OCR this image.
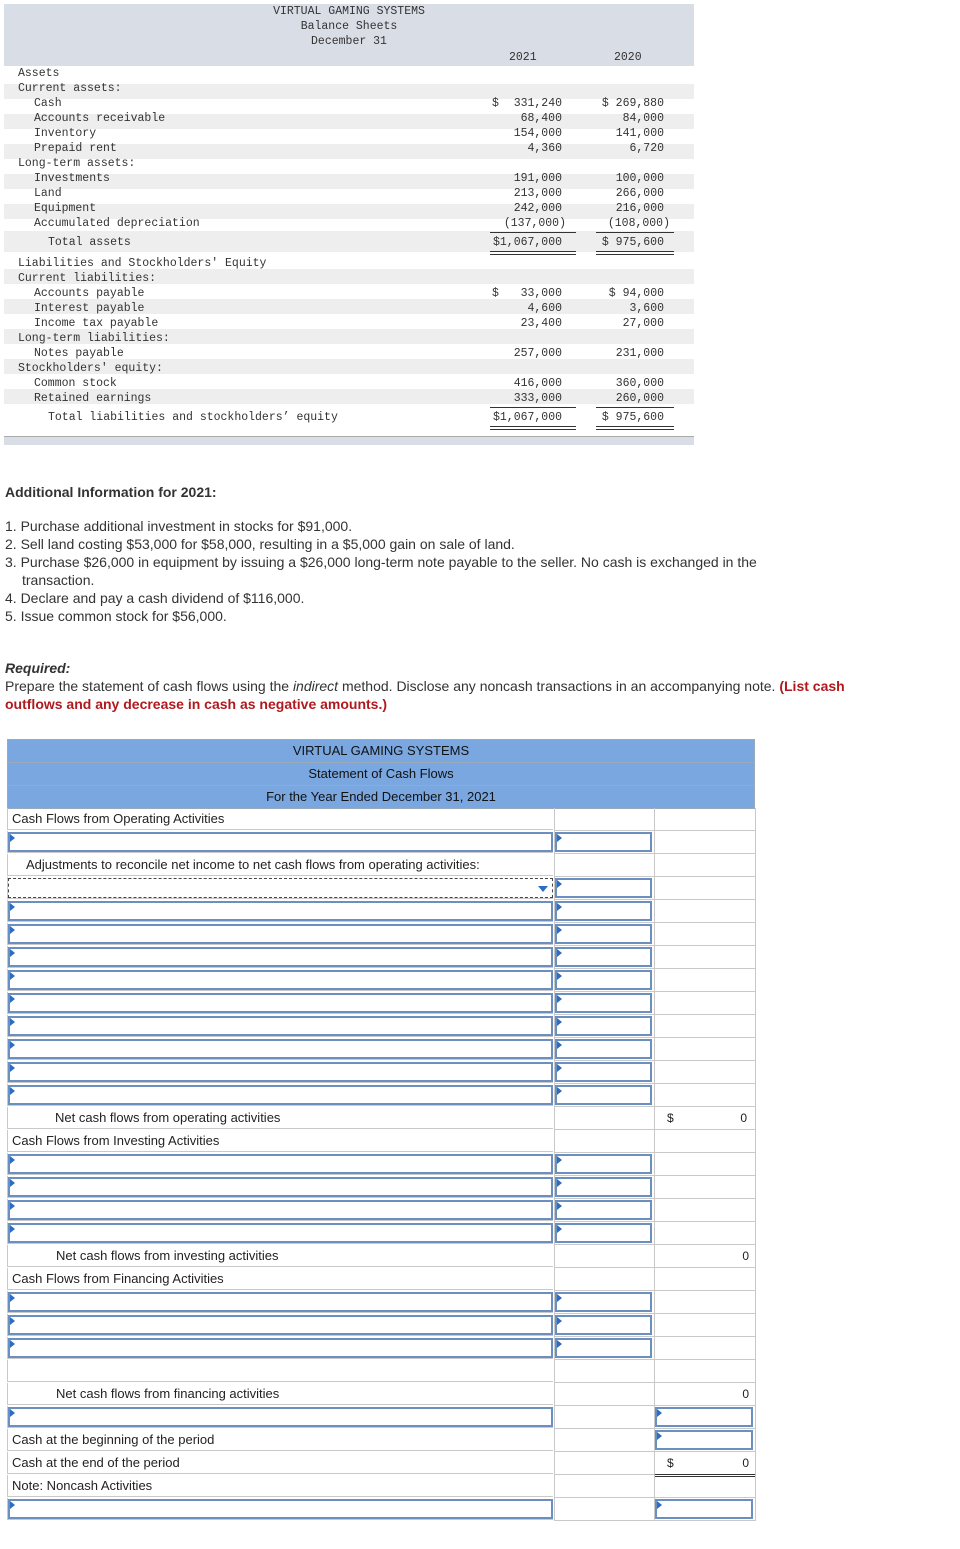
VIRTUAL GAMING SYSTEMS
Balance Sheets
December 31
2021	2020
Assets
Current assets:
Cash	$ 331,240	$ 269,880
Accounts receivable	68,400	84,000
Inventory	154,000	141,000
Prepaid rent	4,360	6,720
Long-term assets:
Investments	191,000	100,000
Land	213,000	266,000
Equipment	242,000	216,000
Accumulated depreciation	(137,000)	(108,000)
Total assets	$1,067,000	$ 975,600
Liabilities and Stockholders' Equity
Current liabilities:
Accounts payable	$ 33,000	$ 94,000
Interest payable	4,600	3,600
Income tax payable	23,400	27,000
Long-term liabilities:
Notes payable	257,000	231,000
Stockholders' equity:
Common stock	416,000	360,000
Retained earnings	333,000	260,000
Total liabilities and stockholders’ equity	$1,067,000	$ 975,600
Additional Information for 2021:
1. Purchase additional investment in stocks for $91,000.
2. Sell land costing $53,000 for $58,000, resulting in a $5,000 gain on sale of land.
3. Purchase $26,000 in equipment by issuing a $26,000 long-term note payable to the seller. No cash is exchanged in the
transaction.
4. Declare and pay a cash dividend of $116,000.
5. Issue common stock for $56,000.
Required:
Prepare the statement of cash flows using the indirect method. Disclose any noncash transactions in an accompanying note. (List cash
outflows and any decrease in cash as negative amounts.)
VIRTUAL GAMING SYSTEMS
Statement of Cash Flows
For the Year Ended December 31, 2021
Cash Flows from Operating Activities
Adjustments to reconcile net income to net cash flows from operating activities:
Net cash flows from operating activities	$	0
Cash Flows from Investing Activities
Net cash flows from investing activities	0
Cash Flows from Financing Activities
Net cash flows from financing activities	0
Cash at the beginning of the period
Cash at the end of the period	$	0
Note: Noncash Activities
